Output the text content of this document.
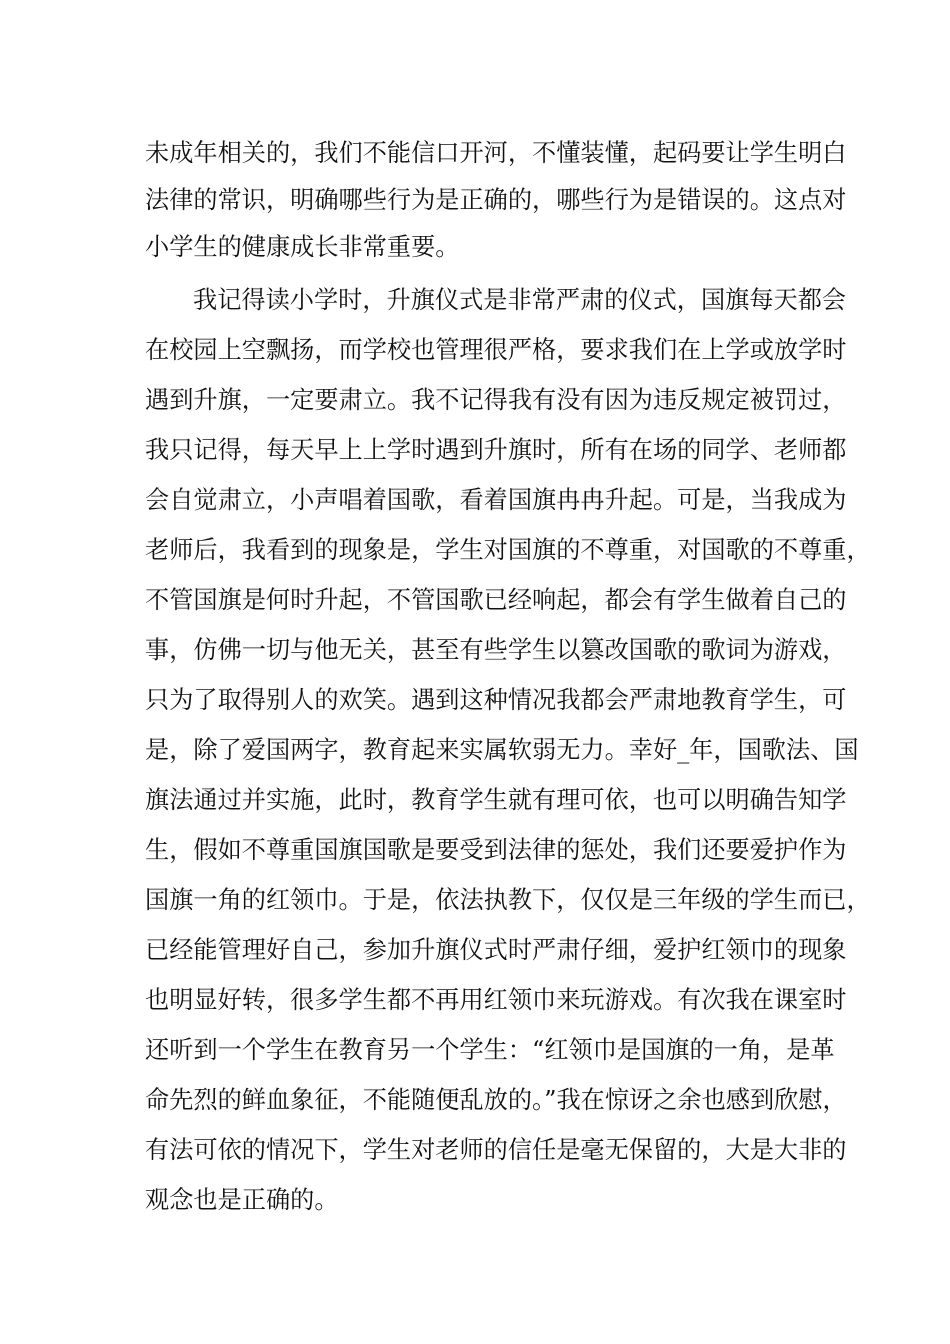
未成年相关的，我们不能信口开河，不懂装懂，起码要让学生明白
法律的常识，明确哪些行为是正确的，哪些行为是错误的。这点对
小学生的健康成长非常重要。
我记得读小学时，升旗仪式是非常严肃的仪式，国旗每天都会
在校园上空飘扬，而学校也管理很严格，要求我们在上学或放学时
遇到升旗，一定要肃立。我不记得我有没有因为违反规定被罚过，
我只记得，每天早上上学时遇到升旗时，所有在场的同学、老师都
会自觉肃立，小声唱着国歌，看着国旗冉冉升起。可是，当我成为
老师后，我看到的现象是，学生对国旗的不尊重，对国歌的不尊重，
不管国旗是何时升起，不管国歌已经响起，都会有学生做着自己的
事，仿佛一切与他无关，甚至有些学生以篡改国歌的歌词为游戏，
只为了取得别人的欢笑。遇到这种情况我都会严肃地教育学生，可
是，除了爱国两字，教育起来实属软弱无力。幸好_年，国歌法、国
旗法通过并实施，此时，教育学生就有理可依，也可以明确告知学
生，假如不尊重国旗国歌是要受到法律的惩处，我们还要爱护作为
国旗一角的红领巾。于是，依法执教下，仅仅是三年级的学生而已，
已经能管理好自己，参加升旗仪式时严肃仔细，爱护红领巾的现象
也明显好转，很多学生都不再用红领巾来玩游戏。有次我在课室时
还听到一个学生在教育另一个学生：“红领巾是国旗的一角，是革
命先烈的鲜血象征，不能随便乱放的。”我在惊讶之余也感到欣慰，
有法可依的情况下，学生对老师的信任是毫无保留的，大是大非的
观念也是正确的。
